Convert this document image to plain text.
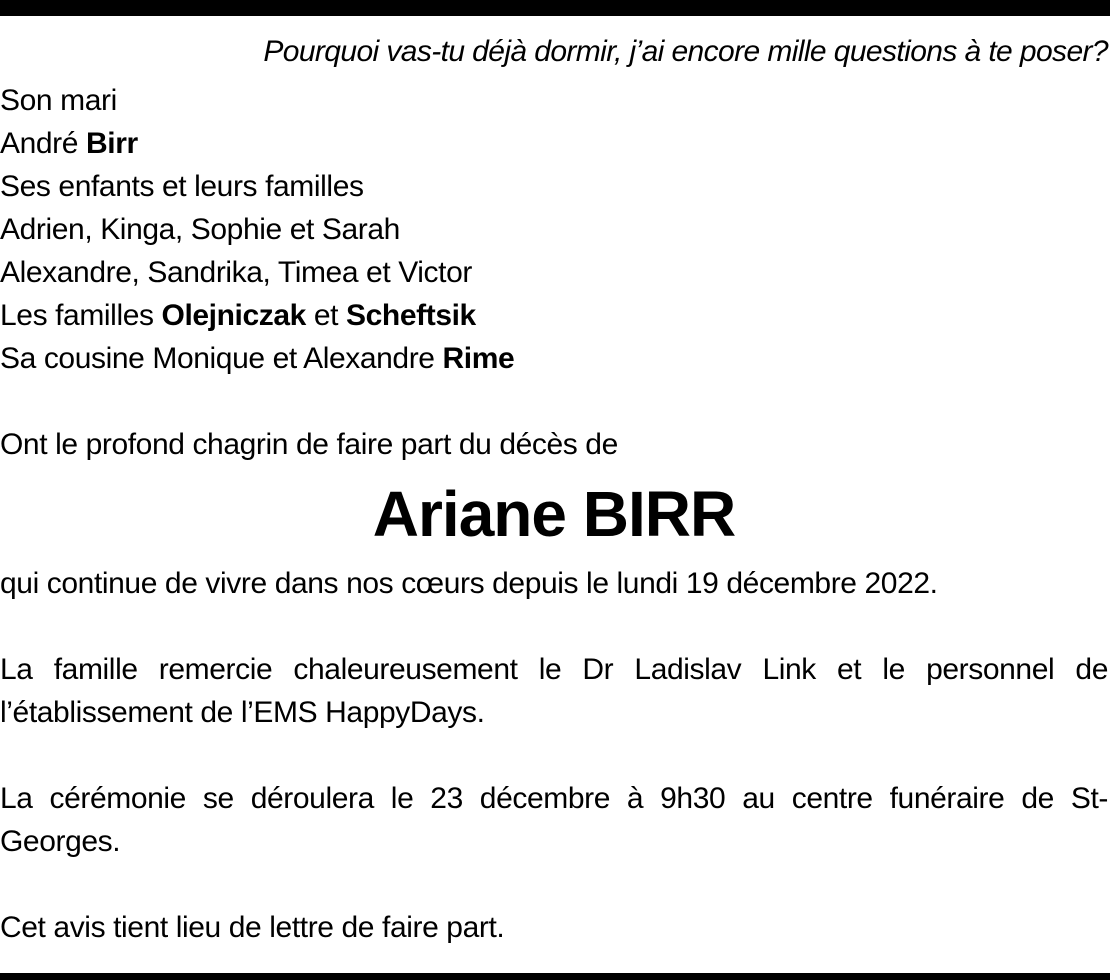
Pourquoi vas-tu déjà dormir, j’ai encore mille questions à te poser?

Son mari

André Birr

Ses enfants et leurs familles

Adrien, Kinga, Sophie et Sarah

Alexandre, Sandrika, Timea et Victor

Les familles Olejniczak et Scheftsik

Sa cousine Monique et Alexandre Rime

Ont le profond chagrin de faire part du décès de

Ariane BIRR

qui continue de vivre dans nos cœurs depuis le lundi 19 décembre 2022.

La famille remercie chaleureusement le Dr Ladislav Link et le personnel de l’établissement de l’EMS HappyDays.

La cérémonie se déroulera le 23 décembre à 9h30 au centre funéraire de St-Georges.

Cet avis tient lieu de lettre de faire part.
